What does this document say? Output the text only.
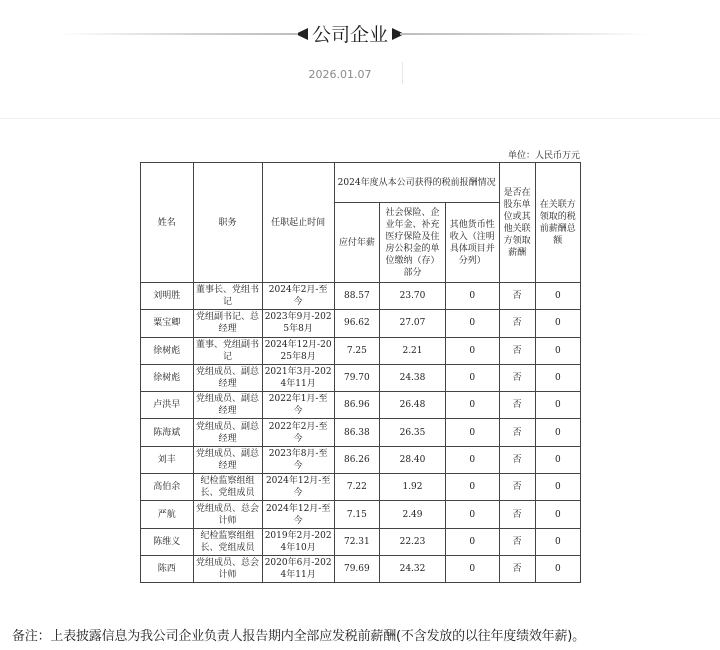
公司企业
2026.01.07
单位：人民币万元
姓名	职务	任职起止时间	2024年度从本公司获得的税前报酬情况			是否在股东单位或其他关联方领取薪酬	在关联方领取的税前薪酬总额
			应付年薪	社会保险、企业年金、补充医疗保险及住房公积金的单位缴纳（存）部分	其他货币性收入（注明具体项目并分列）		
刘明胜	董事长、党组书记	2024年2月-至今	88.57	23.70	0	否	0
粟宝卿	党组副书记、总经理	2023年9月-2025年8月	96.62	27.07	0	否	0
徐树彪	董事、党组副书记	2024年12月-2025年8月	7.25	2.21	0	否	0
徐树彪	党组成员、副总经理	2021年3月-2024年11月	79.70	24.38	0	否	0
卢洪早	党组成员、副总经理	2022年1月-至今	86.96	26.48	0	否	0
陈海斌	党组成员、副总经理	2022年2月-至今	86.38	26.35	0	否	0
刘丰	党组成员、副总经理	2023年8月-至今	86.26	28.40	0	否	0
高伯余	纪检监察组组长、党组成员	2024年12月-至今	7.22	1.92	0	否	0
严航	党组成员、总会计师	2024年12月-至今	7.15	2.49	0	否	0
陈维义	纪检监察组组长、党组成员	2019年2月-2024年10月	72.31	22.23	0	否	0
陈西	党组成员、总会计师	2020年6月-2024年11月	79.69	24.32	0	否	0
备注：上表披露信息为我公司企业负责人报告期内全部应发税前薪酬(不含发放的以往年度绩效年薪)。
